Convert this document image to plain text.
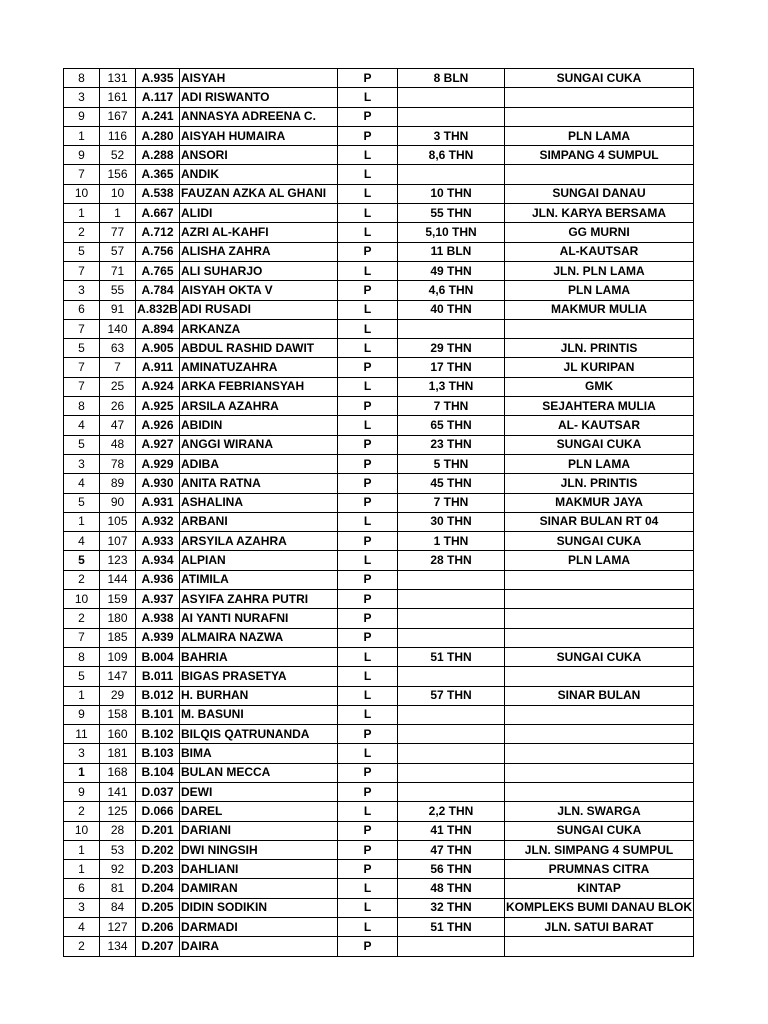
8	131	A.935	AISYAH	P	8 BLN	SUNGAI CUKA
3	161	A.117	ADI RISWANTO	L		
9	167	A.241	ANNASYA ADREENA C.	P		
1	116	A.280	AISYAH HUMAIRA	P	3 THN	PLN LAMA
9	52	A.288	ANSORI	L	8,6 THN	SIMPANG 4 SUMPUL
7	156	A.365	ANDIK	L		
10	10	A.538	FAUZAN AZKA AL GHANI	L	10 THN	SUNGAI DANAU
1	1	A.667	ALIDI	L	55 THN	JLN. KARYA BERSAMA
2	77	A.712	AZRI AL-KAHFI	L	5,10 THN	GG MURNI
5	57	A.756	ALISHA ZAHRA	P	11 BLN	AL-KAUTSAR
7	71	A.765	ALI SUHARJO	L	49 THN	JLN. PLN LAMA
3	55	A.784	AISYAH OKTA V	P	4,6 THN	PLN LAMA
6	91	A.832B	ADI RUSADI	L	40 THN	MAKMUR MULIA
7	140	A.894	ARKANZA	L		
5	63	A.905	ABDUL RASHID DAWIT	L	29 THN	JLN. PRINTIS
7	7	A.911	AMINATUZAHRA	P	17 THN	JL KURIPAN
7	25	A.924	ARKA FEBRIANSYAH	L	1,3 THN	GMK
8	26	A.925	ARSILA AZAHRA	P	7 THN	SEJAHTERA MULIA
4	47	A.926	ABIDIN	L	65 THN	AL- KAUTSAR
5	48	A.927	ANGGI WIRANA	P	23 THN	SUNGAI CUKA
3	78	A.929	ADIBA	P	5 THN	PLN LAMA
4	89	A.930	ANITA RATNA	P	45 THN	JLN. PRINTIS
5	90	A.931	ASHALINA	P	7 THN	MAKMUR JAYA
1	105	A.932	ARBANI	L	30 THN	SINAR BULAN RT 04
4	107	A.933	ARSYILA AZAHRA	P	1 THN	SUNGAI CUKA
5	123	A.934	ALPIAN	L	28 THN	PLN LAMA
2	144	A.936	ATIMILA	P		
10	159	A.937	ASYIFA ZAHRA PUTRI	P		
2	180	A.938	AI YANTI NURAFNI	P		
7	185	A.939	ALMAIRA NAZWA	P		
8	109	B.004	BAHRIA	L	51 THN	SUNGAI CUKA
5	147	B.011	BIGAS PRASETYA	L		
1	29	B.012	H. BURHAN	L	57 THN	SINAR BULAN
9	158	B.101	M. BASUNI	L		
11	160	B.102	BILQIS QATRUNANDA	P		
3	181	B.103	BIMA	L		
1	168	B.104	BULAN MECCA	P		
9	141	D.037	DEWI	P		
2	125	D.066	DAREL	L	2,2 THN	JLN. SWARGA
10	28	D.201	DARIANI	P	41 THN	SUNGAI CUKA
1	53	D.202	DWI NINGSIH	P	47 THN	JLN. SIMPANG 4 SUMPUL
1	92	D.203	DAHLIANI	P	56 THN	PRUMNAS CITRA
6	81	D.204	DAMIRAN	L	48 THN	KINTAP
3	84	D.205	DIDIN SODIKIN	L	32 THN	KOMPLEKS BUMI DANAU BLOK
4	127	D.206	DARMADI	L	51 THN	JLN. SATUI BARAT
2	134	D.207	DAIRA	P		
